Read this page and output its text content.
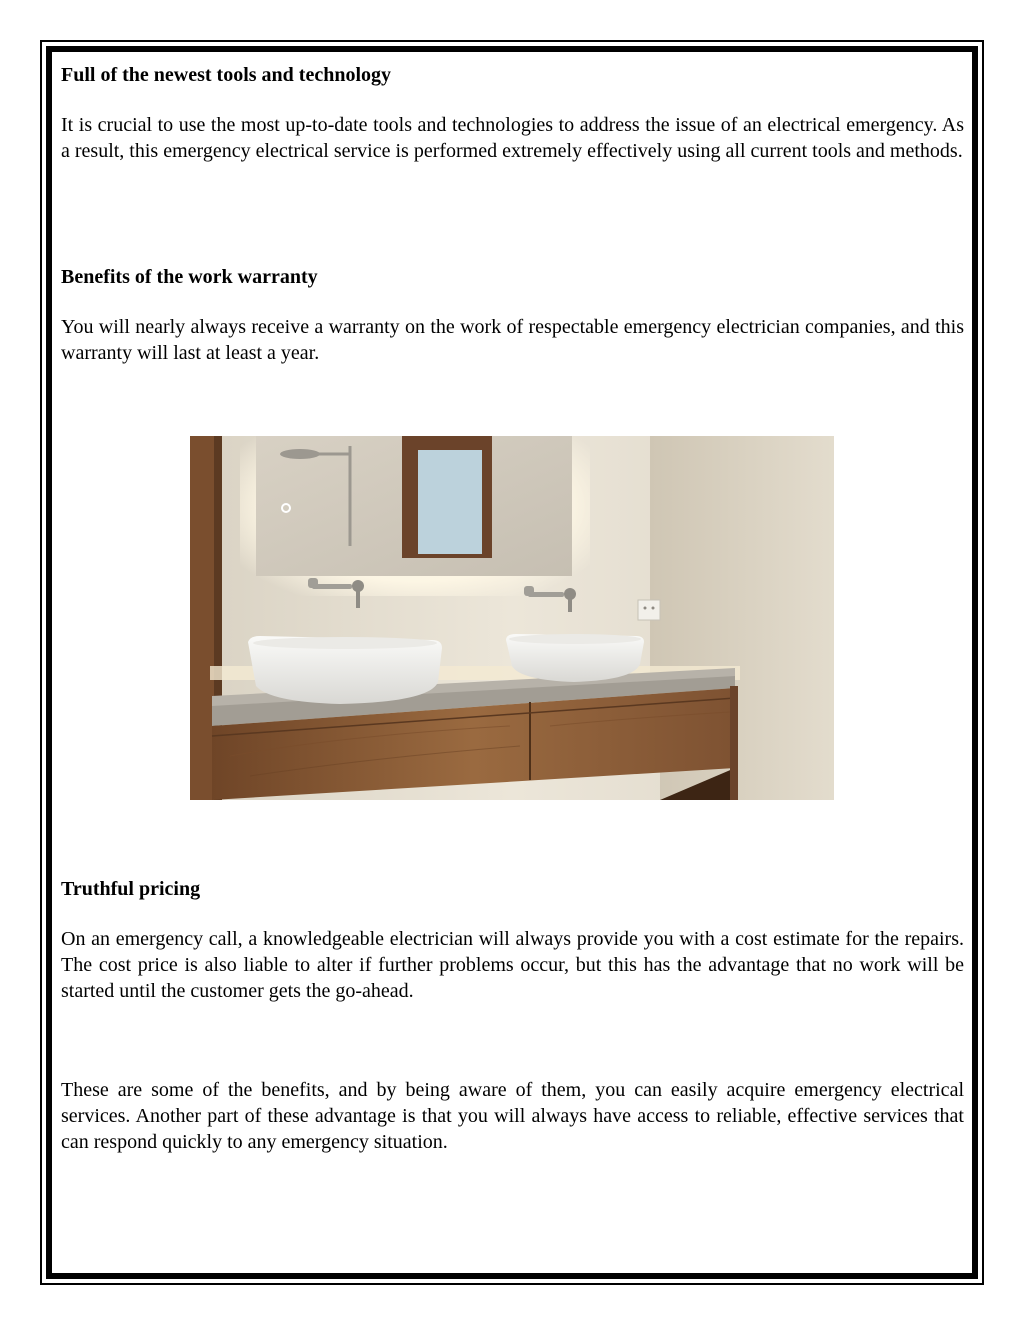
Full of the newest tools and technology

It is crucial to use the most up-to-date tools and technologies to address the issue of an electrical emergency. As a result, this emergency electrical service is performed extremely effectively using all current tools and methods.

Benefits of the work warranty

You will nearly always receive a warranty on the work of respectable emergency electrician companies, and this warranty will last at least a year.

Truthful pricing

On an emergency call, a knowledgeable electrician will always provide you with a cost estimate for the repairs. The cost price is also liable to alter if further problems occur, but this has the advantage that no work will be started until the customer gets the go-ahead.

These are some of the benefits, and by being aware of them, you can easily acquire emergency electrical services. Another part of these advantage is that you will always have access to reliable, effective services that can respond quickly to any emergency situation.
